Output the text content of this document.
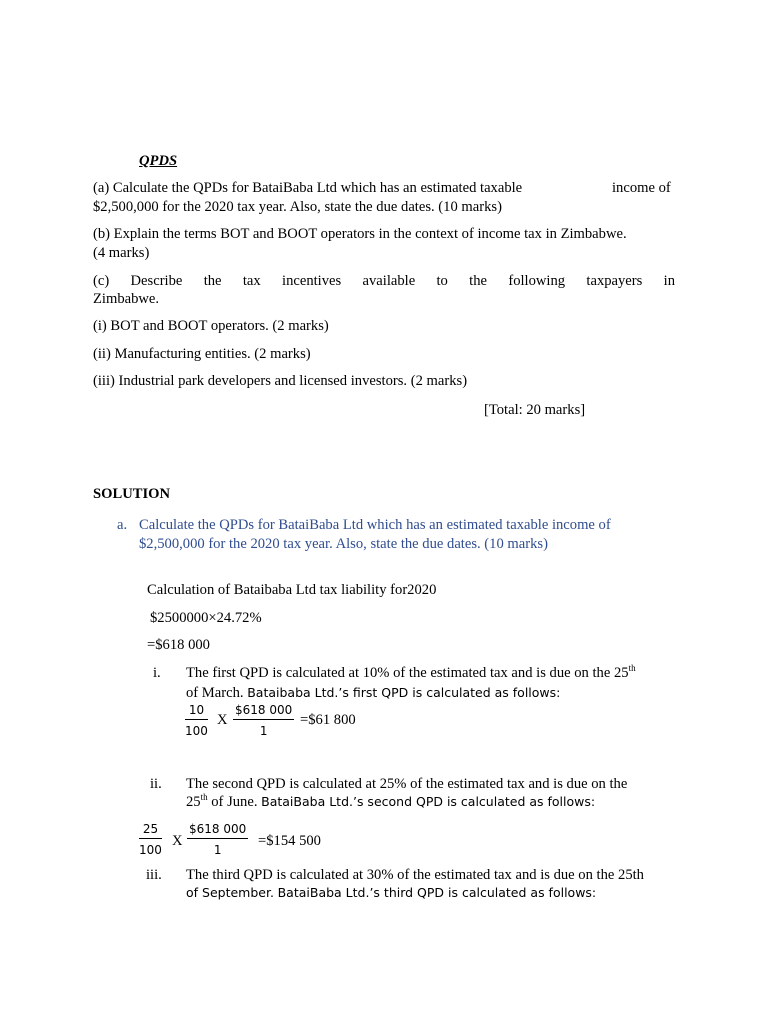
QPDS
(a) Calculate the QPDs for BataiBaba Ltd which has an estimated taxable	income of
$2,500,000 for the 2020 tax year. Also, state the due dates. (10 marks)
(b) Explain the terms BOT and BOOT operators in the context of income tax in Zimbabwe.
(4 marks)
(c) Describe the tax incentives available to the following taxpayers in
Zimbabwe.
(i) BOT and BOOT operators. (2 marks)
(ii) Manufacturing entities. (2 marks)
(iii) Industrial park developers and licensed investors. (2 marks)
[Total: 20 marks]
SOLUTION
a. Calculate the QPDs for BataiBaba Ltd which has an estimated taxable income of
$2,500,000 for the 2020 tax year. Also, state the due dates. (10 marks)
Calculation of Bataibaba Ltd tax liability for2020
$2500000×24.72%
=$618 000
i. The first QPD is calculated at 10% of the estimated tax and is due on the 25th
of March. Bataibaba Ltd.’s first QPD is calculated as follows:
10
100
X
$618 000
1
=$61 800
ii. The second QPD is calculated at 25% of the estimated tax and is due on the
25th of June. BataiBaba Ltd.’s second QPD is calculated as follows:
25
100
X
$618 000
1
=$154 500
iii. The third QPD is calculated at 30% of the estimated tax and is due on the 25th
of September. BataiBaba Ltd.’s third QPD is calculated as follows:
